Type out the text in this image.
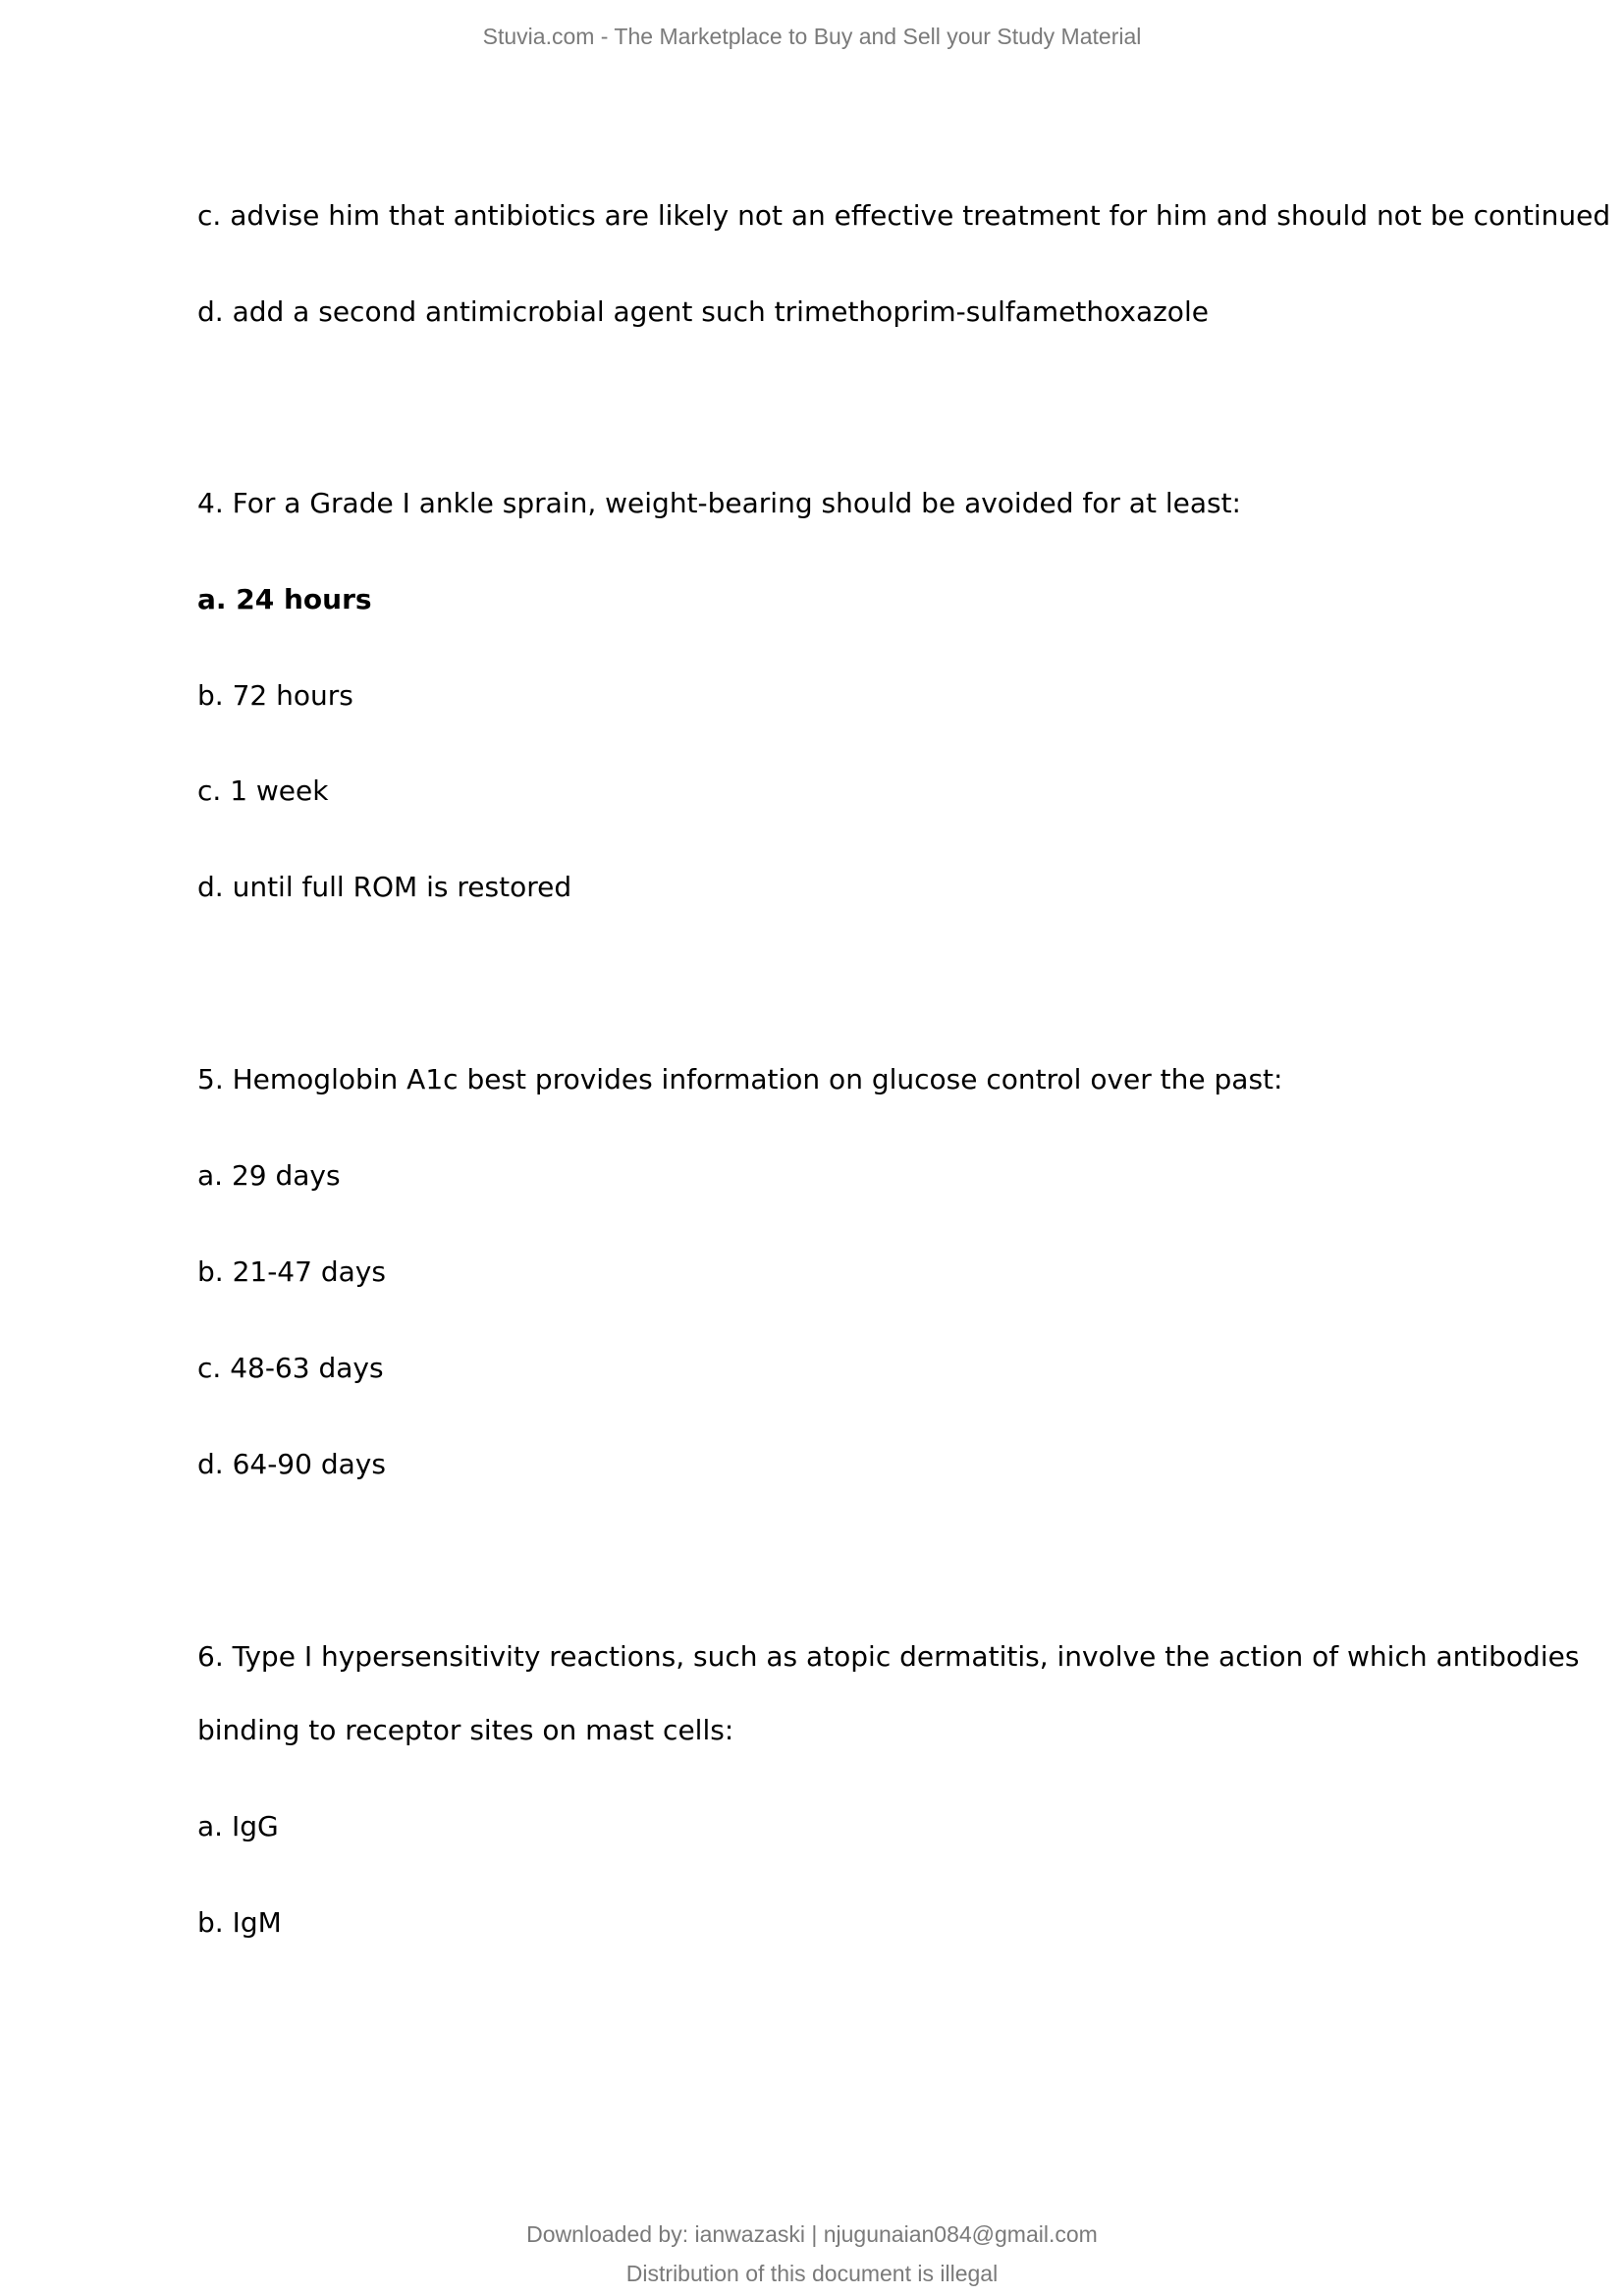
Stuvia.com - The Marketplace to Buy and Sell your Study Material
c. advise him that antibiotics are likely not an effective treatment for him and should not be continued
d. add a second antimicrobial agent such trimethoprim-sulfamethoxazole
4. For a Grade I ankle sprain, weight-bearing should be avoided for at least:
a. 24 hours
b. 72 hours
c. 1 week
d. until full ROM is restored
5. Hemoglobin A1c best provides information on glucose control over the past:
a. 29 days
b. 21-47 days
c. 48-63 days
d. 64-90 days
6. Type I hypersensitivity reactions, such as atopic dermatitis, involve the action of which antibodies
binding to receptor sites on mast cells:
a. IgG
b. IgM
Downloaded by: ianwazaski | njugunaian084@gmail.com
Distribution of this document is illegal
